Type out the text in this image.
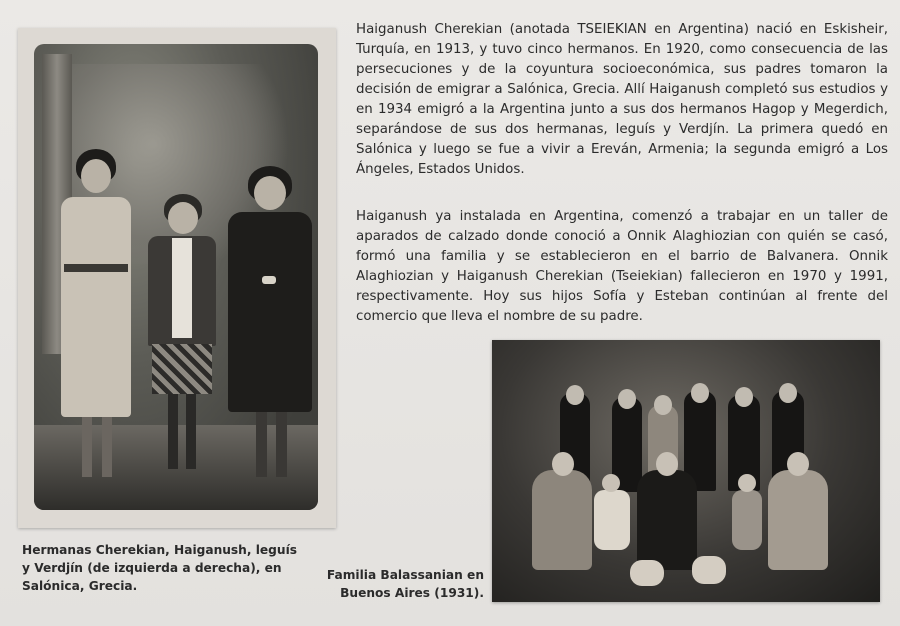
Haiganush Cherekian (anotada TSEIEKIAN en Argentina) nació en Eskisheir, Turquía, en 1913, y tuvo cinco hermanos. En 1920, como consecuencia de las persecuciones y de la coyuntura socioeconómica, sus padres tomaron la decisión de emigrar a Salónica, Grecia. Allí Haiganush completó sus estudios y en 1934 emigró a la Argentina junto a sus dos hermanos Hagop y Megerdich, separándose de sus dos hermanas, leguís y Verdjín. La primera quedó en Salónica y luego se fue a vivir a Ereván, Armenia; la segunda emigró a Los Ángeles, Estados Unidos.

Haiganush ya instalada en Argentina, comenzó a trabajar en un taller de aparados de calzado donde conoció a Onnik Alaghiozian con quién se casó, formó una familia y se establecieron en el barrio de Balvanera. Onnik Alaghiozian y Haiganush Cherekian (Tseiekian) fallecieron en 1970 y 1991, respectivamente. Hoy sus hijos Sofía y Esteban continúan al frente del comercio que lleva el nombre de su padre.

Hermanas Cherekian, Haiganush, leguís y Verdjín (de izquierda a derecha), en Salónica, Grecia.

Familia Balassanian en Buenos Aires (1931).
